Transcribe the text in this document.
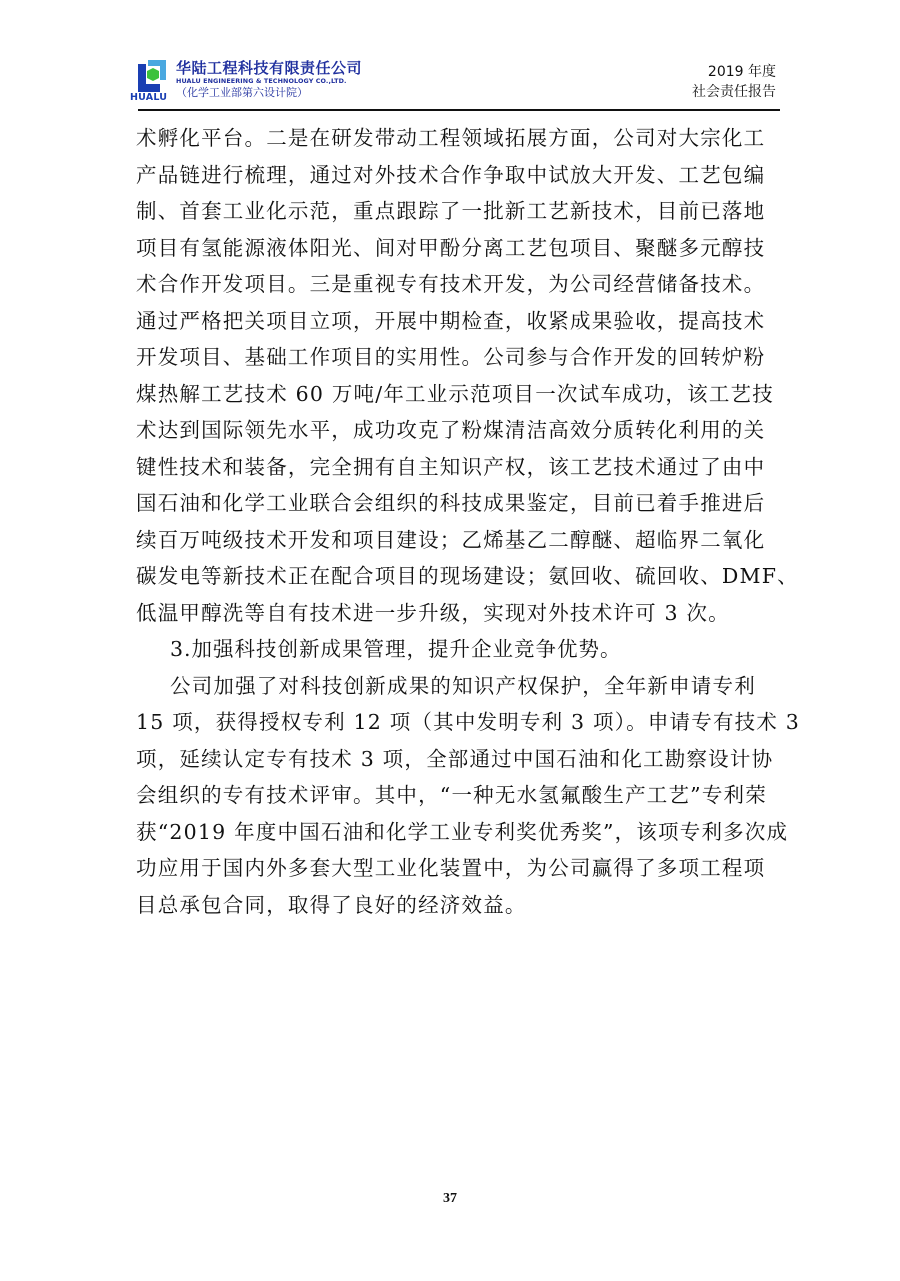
HUALU
华陆工程科技有限责任公司
HUALU ENGINEERING & TECHNOLOGY CO.,LTD.
（化学工业部第六设计院）
2019 年度
社会责任报告
术孵化平台。二是在研发带动工程领域拓展方面，公司对大宗化工
产品链进行梳理，通过对外技术合作争取中试放大开发、工艺包编
制、首套工业化示范，重点跟踪了一批新工艺新技术，目前已落地
项目有氢能源液体阳光、间对甲酚分离工艺包项目、聚醚多元醇技
术合作开发项目。三是重视专有技术开发，为公司经营储备技术。
通过严格把关项目立项，开展中期检查，收紧成果验收，提高技术
开发项目、基础工作项目的实用性。公司参与合作开发的回转炉粉
煤热解工艺技术 60 万吨/年工业示范项目一次试车成功，该工艺技
术达到国际领先水平，成功攻克了粉煤清洁高效分质转化利用的关
键性技术和装备，完全拥有自主知识产权，该工艺技术通过了由中
国石油和化学工业联合会组织的科技成果鉴定，目前已着手推进后
续百万吨级技术开发和项目建设；乙烯基乙二醇醚、超临界二氧化
碳发电等新技术正在配合项目的现场建设；氨回收、硫回收、DMF、
低温甲醇洗等自有技术进一步升级，实现对外技术许可 3 次。
3.加强科技创新成果管理，提升企业竞争优势。
公司加强了对科技创新成果的知识产权保护，全年新申请专利
15 项，获得授权专利 12 项（其中发明专利 3 项）。申请专有技术 3
项，延续认定专有技术 3 项，全部通过中国石油和化工勘察设计协
会组织的专有技术评审。其中，“一种无水氢氟酸生产工艺”专利荣
获“2019 年度中国石油和化学工业专利奖优秀奖”，该项专利多次成
功应用于国内外多套大型工业化装置中，为公司赢得了多项工程项
目总承包合同，取得了良好的经济效益。
37
